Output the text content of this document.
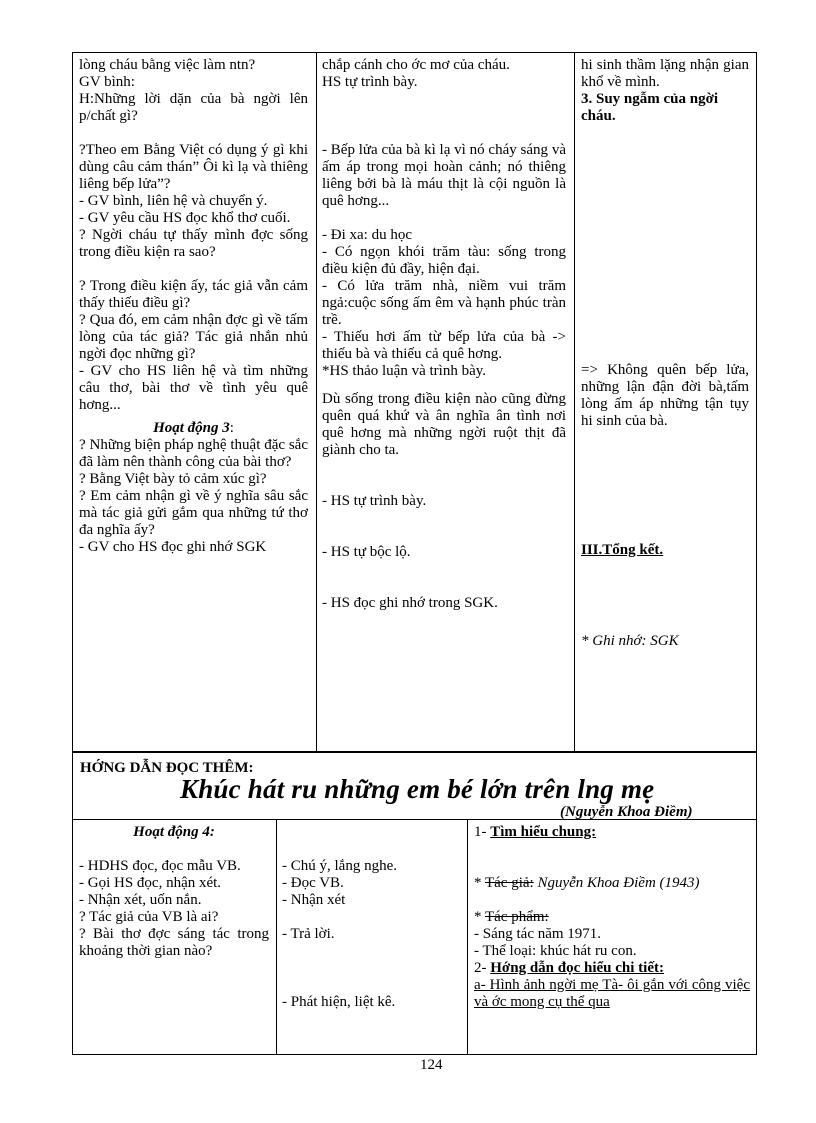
lòng cháu bằng việc làm ntn?

GV bình:

H:Những lời dặn của bà ngời lên p/chất gì?

?Theo em Bằng Việt có dụng ý gì khi dùng câu cảm thán” Ôi kì lạ và thiêng liêng bếp lửa”?

- GV bình, liên hệ và chuyển ý.

- GV yêu cầu HS đọc khổ thơ cuối.

? Ngời cháu tự thấy mình đợc sống trong điều kiện ra sao?

? Trong điều kiện ấy, tác giả vẫn cảm thấy thiếu điều gì?

? Qua đó, em cảm nhận đợc gì về tấm lòng của tác giả? Tác giả nhắn nhủ ngời đọc những gì?

- GV cho HS liên hệ và tìm những câu thơ, bài thơ về tình yêu quê hơng...

Hoạt động 3:

? Những biện pháp nghệ thuật đặc sắc đã làm nên thành công của bài thơ?

? Bằng Việt bày tỏ cảm xúc gì?

? Em cảm nhận gì về ý nghĩa sâu sắc mà tác giả gửi gắm qua những tứ thơ đa nghĩa ấy?

- GV cho HS đọc ghi nhớ SGK

chắp cánh cho ớc mơ của cháu.

HS tự trình bày.

- Bếp lửa của bà kì lạ vì nó cháy sáng và ấm áp trong mọi hoàn cảnh; nó thiêng liêng bởi bà là máu thịt là cội nguồn là quê hơng...

- Đi xa: du học

- Có ngọn khói trăm tàu: sống trong điều kiện đủ đầy, hiện đại.

- Có lửa trăm nhà, niềm vui trăm ngả:cuộc sống ấm êm và hạnh phúc tràn trề.

- Thiếu hơi ấm từ bếp lửa của bà -> thiếu bà và thiếu cả quê hơng.

*HS thảo luận và trình bày.

Dù sống trong điều kiện nào cũng đừng quên quá khứ và ân nghĩa ân tình nơi quê hơng mà những ngời ruột thịt đã giành cho ta.

- HS tự trình bày.

- HS tự bộc lộ.

- HS đọc ghi nhớ trong SGK.

hi sinh thầm lặng nhận gian khổ về mình.

3. Suy ngẫm của ngời cháu.

=> Không quên bếp lửa, những lận đận đời bà,tấm lòng ấm áp những tận tụy hi sinh của bà.

III.Tổng kết.

* Ghi nhớ: SGK

HỚNG DẪN ĐỌC THÊM:
Khúc hát ru những em bé lớn trên lng mẹ
(Nguyễn Khoa Điềm)

Hoạt động 4:

- HDHS đọc, đọc mẫu VB.

- Gọi HS đọc, nhận xét.

- Nhận xét, uốn nắn.

? Tác giả của VB là ai?

? Bài thơ đợc sáng tác trong khoảng thời gian nào?

- Chú ý, lắng nghe.

- Đọc VB.

- Nhận xét

- Trả lời.

- Phát hiện, liệt kê.

1- Tìm hiểu chung:

* Tác giả: Nguyễn Khoa Điềm (1943)

* Tác phẩm:

- Sáng tác năm 1971.

- Thể loại: khúc hát ru con.

2- Hớng dẫn đọc hiểu chi tiết:

a- Hình ảnh ngời mẹ Tà- ôi gắn với công việc và ớc mong cụ thể qua

124
